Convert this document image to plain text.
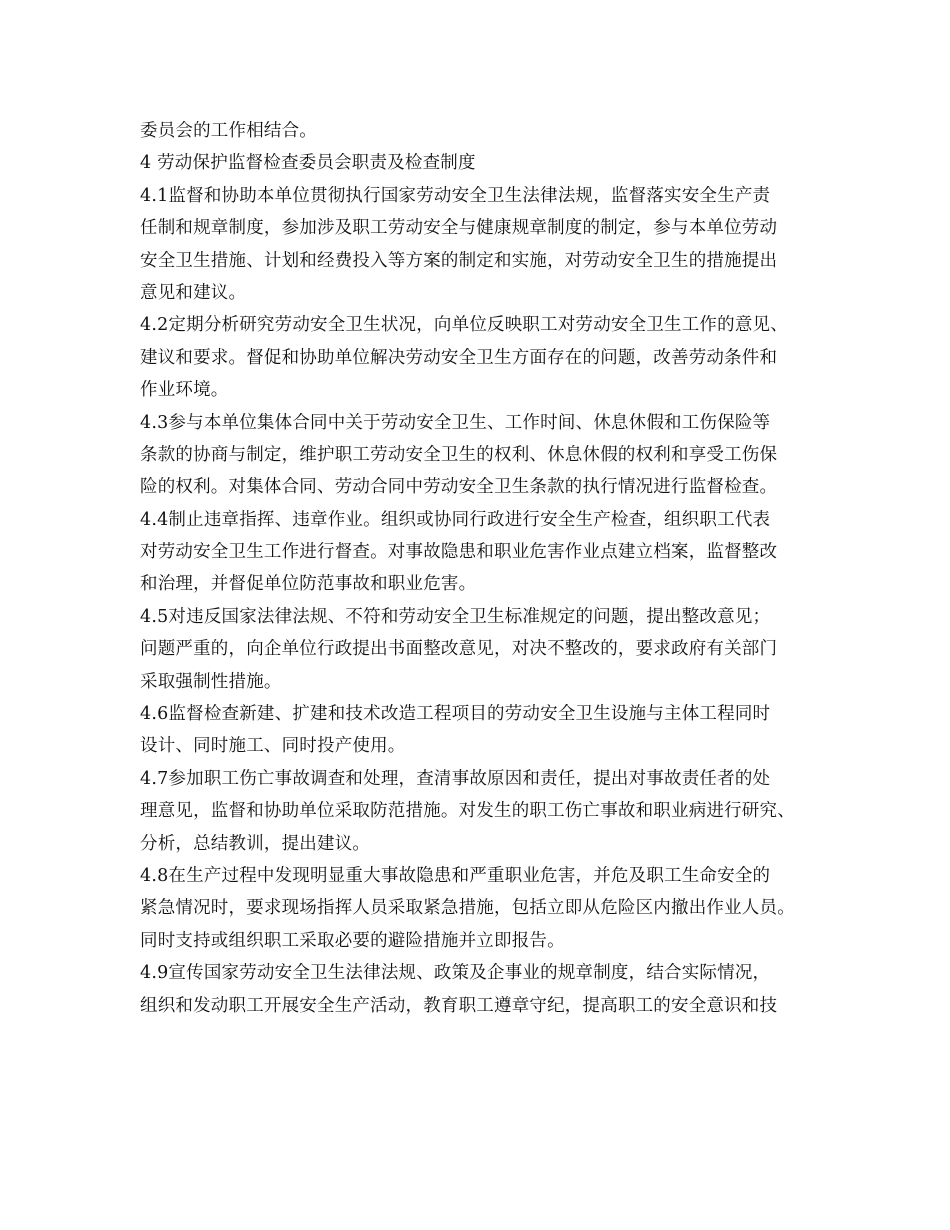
委员会的工作相结合。
4 劳动保护监督检查委员会职责及检查制度
4.1监督和协助本单位贯彻执行国家劳动安全卫生法律法规，监督落实安全生产责
任制和规章制度，参加涉及职工劳动安全与健康规章制度的制定，参与本单位劳动
安全卫生措施、计划和经费投入等方案的制定和实施，对劳动安全卫生的措施提出
意见和建议。
4.2定期分析研究劳动安全卫生状况，向单位反映职工对劳动安全卫生工作的意见、
建议和要求。督促和协助单位解决劳动安全卫生方面存在的问题，改善劳动条件和
作业环境。
4.3参与本单位集体合同中关于劳动安全卫生、工作时间、休息休假和工伤保险等
条款的协商与制定，维护职工劳动安全卫生的权利、休息休假的权利和享受工伤保
险的权利。对集体合同、劳动合同中劳动安全卫生条款的执行情况进行监督检查。
4.4制止违章指挥、违章作业。组织或协同行政进行安全生产检查，组织职工代表
对劳动安全卫生工作进行督查。对事故隐患和职业危害作业点建立档案，监督整改
和治理，并督促单位防范事故和职业危害。
4.5对违反国家法律法规、不符和劳动安全卫生标准规定的问题，提出整改意见；
问题严重的，向企单位行政提出书面整改意见，对决不整改的，要求政府有关部门
采取强制性措施。
4.6监督检查新建、扩建和技术改造工程项目的劳动安全卫生设施与主体工程同时
设计、同时施工、同时投产使用。
4.7参加职工伤亡事故调查和处理，查清事故原因和责任，提出对事故责任者的处
理意见，监督和协助单位采取防范措施。对发生的职工伤亡事故和职业病进行研究、
分析，总结教训，提出建议。
4.8在生产过程中发现明显重大事故隐患和严重职业危害，并危及职工生命安全的
紧急情况时，要求现场指挥人员采取紧急措施，包括立即从危险区内撤出作业人员。
同时支持或组织职工采取必要的避险措施并立即报告。
4.9宣传国家劳动安全卫生法律法规、政策及企事业的规章制度，结合实际情况，
组织和发动职工开展安全生产活动，教育职工遵章守纪，提高职工的安全意识和技
